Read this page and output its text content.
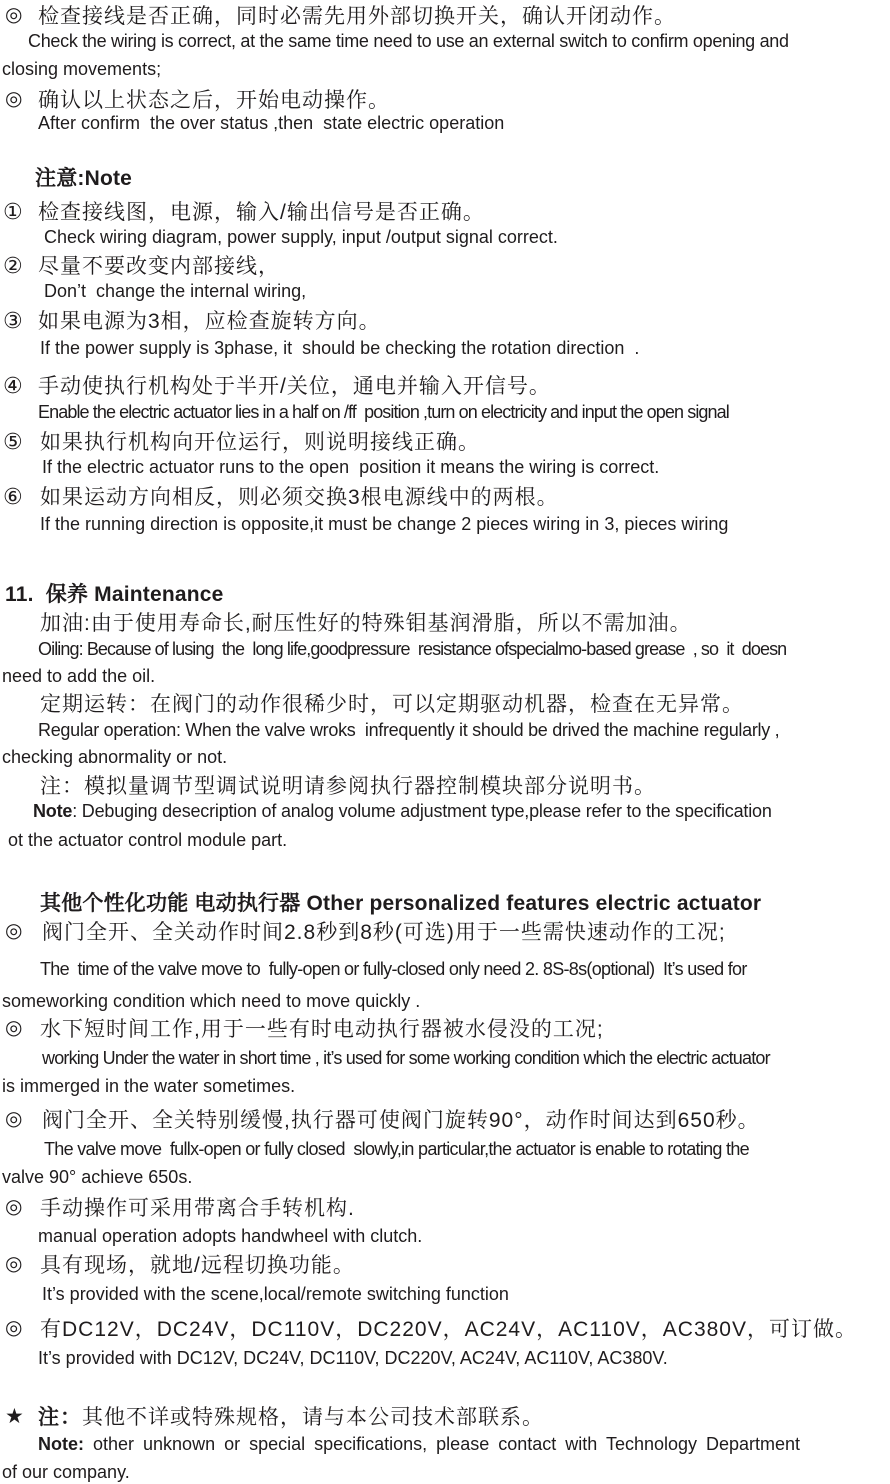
◎ 检查接线是否正确，同时必需先用外部切换开关，确认开闭动作。
Check the wiring is correct, at the same time need to use an external switch to confirm opening and
closing movements;
◎ 确认以上状态之后，开始电动操作。
After confirm  the over status ,then  state electric operation
注意:Note
① 检查接线图，电源，输入/输出信号是否正确。
Check wiring diagram, power supply, input /output signal correct.
② 尽量不要改变内部接线，
Don’t  change the internal wiring,
③ 如果电源为3相，应检查旋转方向。
If the power supply is 3phase, it  should be checking the rotation direction  .
④ 手动使执行机构处于半开/关位，通电并输入开信号。
Enable the electric actuator lies in a half on /ff  position ,turn on electricity and input the open signal
⑤ 如果执行机构向开位运行，则说明接线正确。
If the electric actuator runs to the open  position it means the wiring is correct.
⑥ 如果运动方向相反，则必须交换3根电源线中的两根。
If the running direction is opposite,it must be change 2 pieces wiring in 3, pieces wiring
11.  保养 Maintenance
加油:由于使用寿命长,耐压性好的特殊钼基润滑脂，所以不需加油。
Oiling: Because of lusing  the  long life,goodpressure  resistance ofspecialmo-based grease  , so  it  doesn
need to add the oil.
定期运转：在阀门的动作很稀少时，可以定期驱动机器，检查在无异常。
Regular operation: When the valve wroks  infrequently it should be drived the machine regularly ,
checking abnormality or not.
注：模拟量调节型调试说明请参阅执行器控制模块部分说明书。
Note: Debuging desecription of analog volume adjustment type,please refer to the specification
ot the actuator control module part.
其他个性化功能 电动执行器 Other personalized features electric actuator
◎ 阀门全开、全关动作时间2.8秒到8秒(可选)用于一些需快速动作的工况;
The  time of the valve move to  fully-open or fully-closed only need 2. 8S-8s(optional)  It’s used for
someworking condition which need to move quickly .
◎ 水下短时间工作,用于一些有时电动执行器被水侵没的工况;
working Under the water in short time , it’s used for some working condition which the electric actuator
is immerged in the water sometimes.
◎ 阀门全开、全关特别缓慢,执行器可使阀门旋转90°，动作时间达到650秒。
The valve move  fullx-open or fully closed  slowly,in particular,the actuator is enable to rotating the
valve 90° achieve 650s.
◎ 手动操作可采用带离合手转机构.
manual operation adopts handwheel with clutch.
◎ 具有现场，就地/远程切换功能。
It’s provided with the scene,local/remote switching function
◎ 有DC12V，DC24V，DC110V，DC220V，AC24V，AC110V，AC380V，可订做。
It’s provided with DC12V, DC24V, DC110V, DC220V, AC24V, AC110V, AC380V.
★ 注：其他不详或特殊规格，请与本公司技术部联系。
Note: other unknown or special specifications, please contact with Technology Department
of our company.
